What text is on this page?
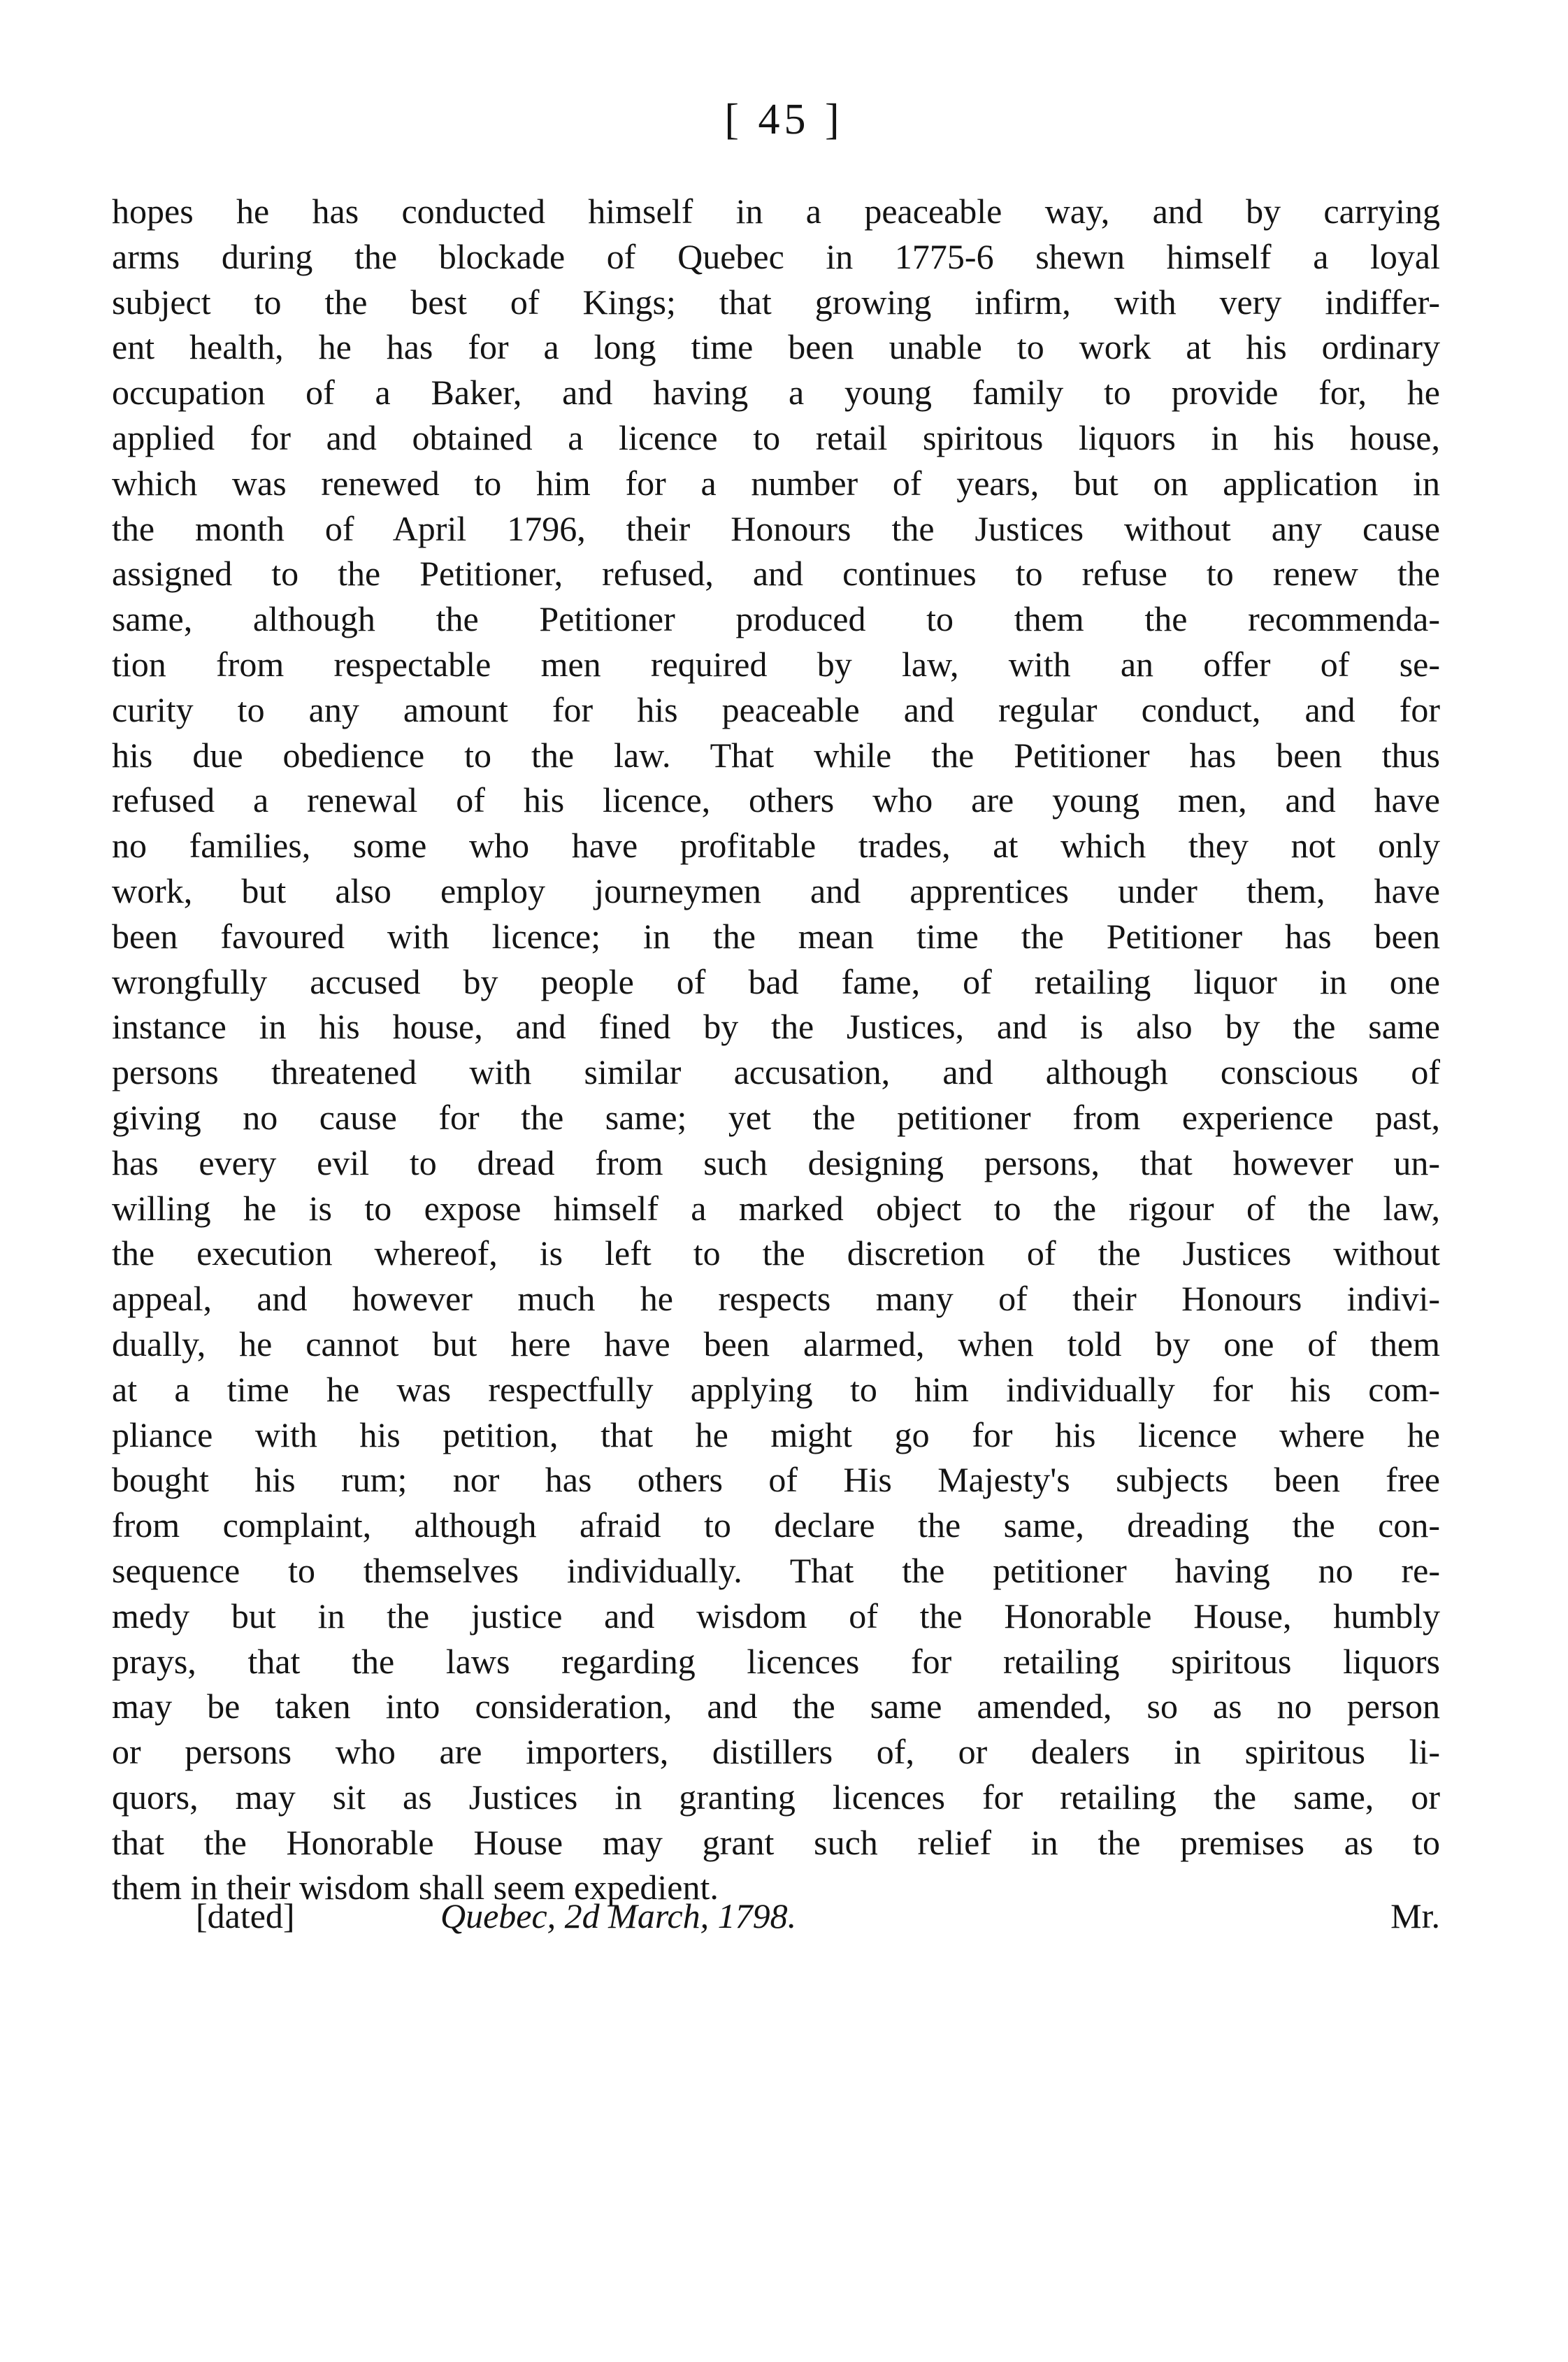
[ 45 ]
hopes he has conducted himself in a peaceable way, and by carrying
arms during the blockade of Quebec in 1775-6 shewn himself a loyal
subject to the best of Kings; that growing infirm, with very indiffer-
ent health, he has for a long time been unable to work at his ordinary
occupation of a Baker, and having a young family to provide for, he
applied for and obtained a licence to retail spiritous liquors in his house,
which was renewed to him for a number of years, but on application in
the month of April 1796, their Honours the Justices without any cause
assigned to the Petitioner, refused, and continues to refuse to renew the
same, although the Petitioner produced to them the recommenda-
tion from respectable men required by law, with an offer of se-
curity to any amount for his peaceable and regular conduct, and for
his due obedience to the law. That while the Petitioner has been thus
refused a renewal of his licence, others who are young men, and have
no families, some who have profitable trades, at which they not only
work, but also employ journeymen and apprentices under them, have
been favoured with licence; in the mean time the Petitioner has been
wrongfully accused by people of bad fame, of retailing liquor in one
instance in his house, and fined by the Justices, and is also by the same
persons threatened with similar accusation, and although conscious of
giving no cause for the same; yet the petitioner from experience past,
has every evil to dread from such designing persons, that however un-
willing he is to expose himself a marked object to the rigour of the law,
the execution whereof, is left to the discretion of the Justices without
appeal, and however much he respects many of their Honours indivi-
dually, he cannot but here have been alarmed, when told by one of them
at a time he was respectfully applying to him individually for his com-
pliance with his petition, that he might go for his licence where he
bought his rum; nor has others of His Majesty's subjects been free
from complaint, although afraid to declare the same, dreading the con-
sequence to themselves individually. That the petitioner having no re-
medy but in the justice and wisdom of the Honorable House, humbly
prays, that the laws regarding licences for retailing spiritous liquors
may be taken into consideration, and the same amended, so as no person
or persons who are importers, distillers of, or dealers in spiritous li-
quors, may sit as Justices in granting licences for retailing the same, or
that the Honorable House may grant such relief in the premises as to
them in their wisdom shall seem expedient.
[dated]	Quebec, 2d March, 1798.	Mr.
